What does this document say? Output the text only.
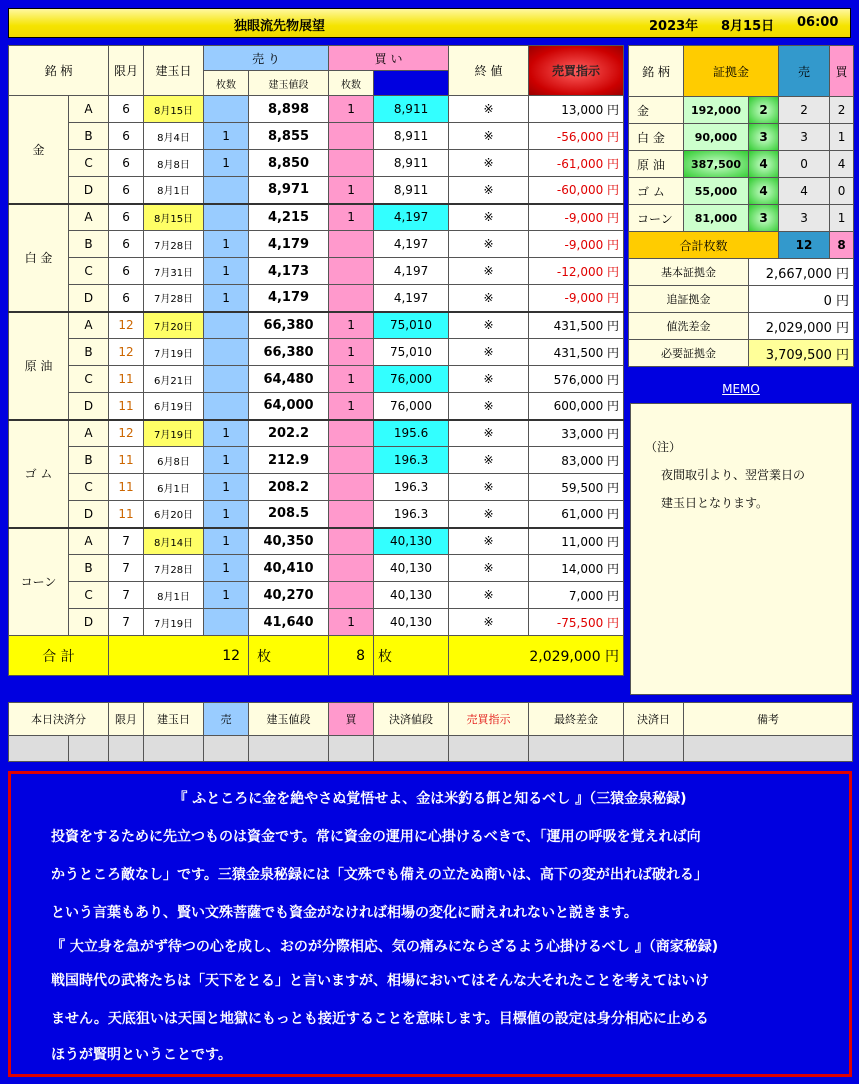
独眼流先物展望	2023年 8月15日 06:00
銘 柄		限月	建玉日	売 り		買 い		終 値	売買指示	
				枚数	建玉値段	枚数				
金	A	6	8月15日		8,898	1	8,911	※	13,000 円	
	B	6	8月4日	1	8,855		8,911	※	-56,000 円	
	C	6	8月8日	1	8,850		8,911	※	-61,000 円	
	D	6	8月1日		8,971	1	8,911	※	-60,000 円	
白 金	A	6	8月15日		4,215	1	4,197	※	-9,000 円	
	B	6	7月28日	1	4,179		4,197	※	-9,000 円	
	C	6	7月31日	1	4,173		4,197	※	-12,000 円	
	D	6	7月28日	1	4,179		4,197	※	-9,000 円	
原 油	A	12	7月20日		66,380	1	75,010	※	431,500 円	
	B	12	7月19日		66,380	1	75,010	※	431,500 円	
	C	11	6月21日		64,480	1	76,000	※	576,000 円	
	D	11	6月19日		64,000	1	76,000	※	600,000 円	
ゴ ム	A	12	7月19日	1	202.2		195.6	※	33,000 円	
	B	11	6月8日	1	212.9		196.3	※	83,000 円	
	C	11	6月1日	1	208.2		196.3	※	59,500 円	
	D	11	6月20日	1	208.5		196.3	※	61,000 円	
コーン	A	7	8月14日	1	40,350		40,130	※	11,000 円	
	B	7	7月28日	1	40,410		40,130	※	14,000 円	
	C	7	8月1日	1	40,270		40,130	※	7,000 円	
	D	7	7月19日		41,640	1	40,130	※	-75,500 円	
合 計		12			枚	8	枚	2,029,000 円		
銘 柄	証拠金		売	買
金	192,000	2	2	2
白 金	90,000	3	3	1
原 油	387,500	4	0	4
ゴ ム	55,000	4	4	0
コーン	81,000	3	3	1
合計枚数			12	8
基本証拠金		2,667,000 円		
追証拠金		0 円		
値洗差金		2,029,000 円		
必要証拠金		3,709,500 円		
MEMO
（注）
夜間取引より、翌営業日の
建玉日となります。
本日決済分		限月	建玉日	売	建玉値段	買	決済値段	売買指示	最終差金	決済日	備考

『 ふところに金を絶やさぬ覚悟せよ、金は米釣る餌と知るべし 』（三猿金泉秘録)

投資をするために先立つものは資金です。常に資金の運用に心掛けるべきで、「運用の呼吸を覚えれば向

かうところ敵なし」です。三猿金泉秘録には「文殊でも備えの立たぬ商いは、高下の変が出れば破れる」

という言葉もあり、賢い文殊菩薩でも資金がなければ相場の変化に耐えれれないと説きます。

『 大立身を急がず待つの心を成し、おのが分際相応、気の痛みにならざるよう心掛けるべし 』（商家秘録)

戦国時代の武将たちは「天下をとる」と言いますが、相場においてはそんな大それたことを考えてはいけ

ません。天底狙いは天国と地獄にもっとも接近することを意味します。目標値の設定は身分相応に止める

ほうが賢明ということです。
